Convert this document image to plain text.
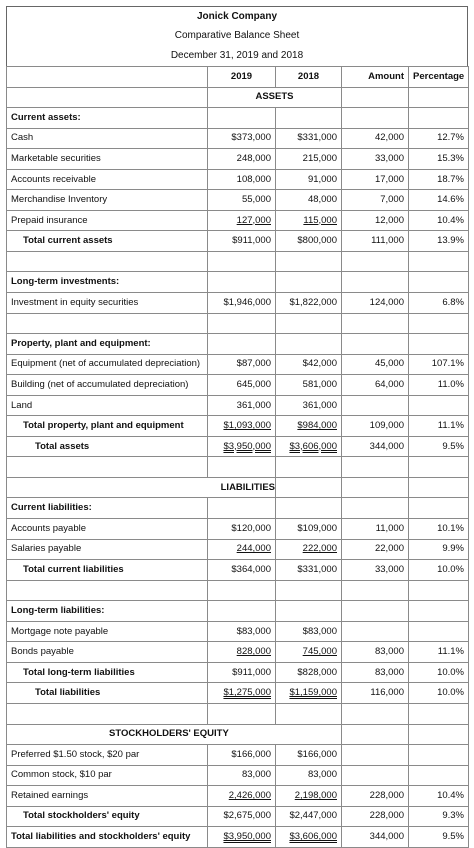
Jonick Company
Comparative Balance Sheet
December 31, 2019 and 2018
	2019	2018	Amount	Percentage
	ASSETS			
Current assets:				
Cash	$373,000	$331,000	42,000	12.7%
Marketable securities	248,000	215,000	33,000	15.3%
Accounts receivable	108,000	91,000	17,000	18.7%
Merchandise Inventory	55,000	48,000	7,000	14.6%
Prepaid insurance	127,000	115,000	12,000	10.4%
Total current assets	$911,000	$800,000	111,000	13.9%

Long-term investments:				
Investment in equity securities	$1,946,000	$1,822,000	124,000	6.8%

Property, plant and equipment:				
Equipment (net of accumulated depreciation)	$87,000	$42,000	45,000	107.1%
Building (net of accumulated depreciation)	645,000	581,000	64,000	11.0%
Land	361,000	361,000		
Total property, plant and equipment	$1,093,000	$984,000	109,000	11.1%
Total assets	$3,950,000	$3,606,000	344,000	9.5%

LIABILITIES				
Current liabilities:				
Accounts payable	$120,000	$109,000	11,000	10.1%
Salaries payable	244,000	222,000	22,000	9.9%
Total current liabilities	$364,000	$331,000	33,000	10.0%

Long-term liabilities:				
Mortgage note payable	$83,000	$83,000		
Bonds payable	828,000	745,000	83,000	11.1%
Total long-term liabilities	$911,000	$828,000	83,000	10.0%
Total liabilities	$1,275,000	$1,159,000	116,000	10.0%

STOCKHOLDERS' EQUITY				
Preferred $1.50 stock, $20 par	$166,000	$166,000		
Common stock, $10 par	83,000	83,000		
Retained earnings	2,426,000	2,198,000	228,000	10.4%
Total stockholders' equity	$2,675,000	$2,447,000	228,000	9.3%
Total liabilities and stockholders' equity	$3,950,000	$3,606,000	344,000	9.5%
